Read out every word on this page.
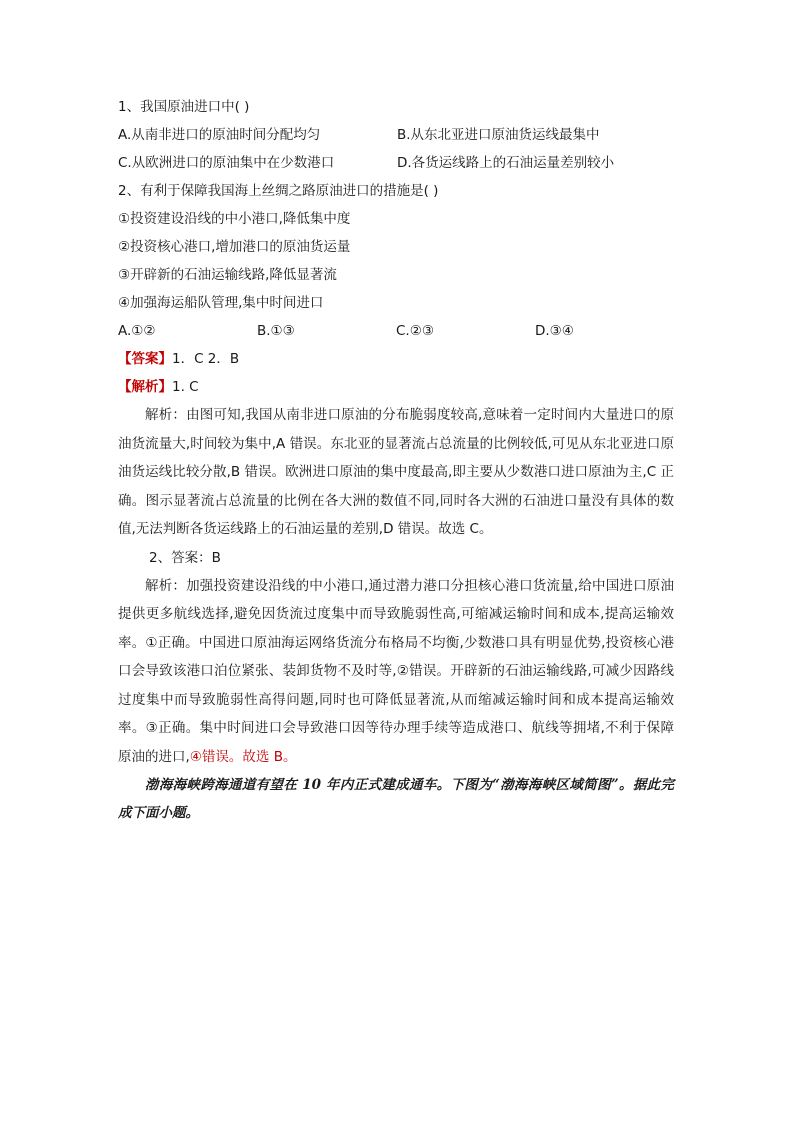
1、我国原油进口中( )
A.从南非进口的原油时间分配均匀	B.从东北亚进口原油货运线最集中
C.从欧洲进口的原油集中在少数港口	D.各货运线路上的石油运量差别较小
2、有利于保障我国海上丝绸之路原油进口的措施是( )
①投资建设沿线的中小港口,降低集中度
②投资核心港口,增加港口的原油货运量
③开辟新的石油运输线路,降低显著流
④加强海运船队管理,集中时间进口
A.①②	B.①③	C.②③	D.③④
【答案】1．C 2．B
【解析】1. C

解析：由图可知,我国从南非进口原油的分布脆弱度较高,意味着一定时间内大量进口的原油货流量大,时间较为集中,A 错误。东北亚的显著流占总流量的比例较低,可见从东北亚进口原油货运线比较分散,B 错误。欧洲进口原油的集中度最高,即主要从少数港口进口原油为主,C 正确。图示显著流占总流量的比例在各大洲的数值不同,同时各大洲的石油进口量没有具体的数值,无法判断各货运线路上的石油运量的差别,D 错误。故选 C。

2、答案：B

解析：加强投资建设沿线的中小港口,通过潜力港口分担核心港口货流量,给中国进口原油提供更多航线选择,避免因货流过度集中而导致脆弱性高,可缩减运输时间和成本,提高运输效率。①正确。中国进口原油海运网络货流分布格局不均衡,少数港口具有明显优势,投资核心港口会导致该港口泊位紧张、装卸货物不及时等,②错误。开辟新的石油运输线路,可减少因路线过度集中而导致脆弱性高得问题,同时也可降低显著流,从而缩减运输时间和成本提高运输效率。③正确。集中时间进口会导致港口因等待办理手续等造成港口、航线等拥堵,不利于保障原油的进口,④错误。故选 B。

渤海海峡跨海通道有望在 10 年内正式建成通车。下图为“渤海海峡区域简图”。据此完成下面小题。
